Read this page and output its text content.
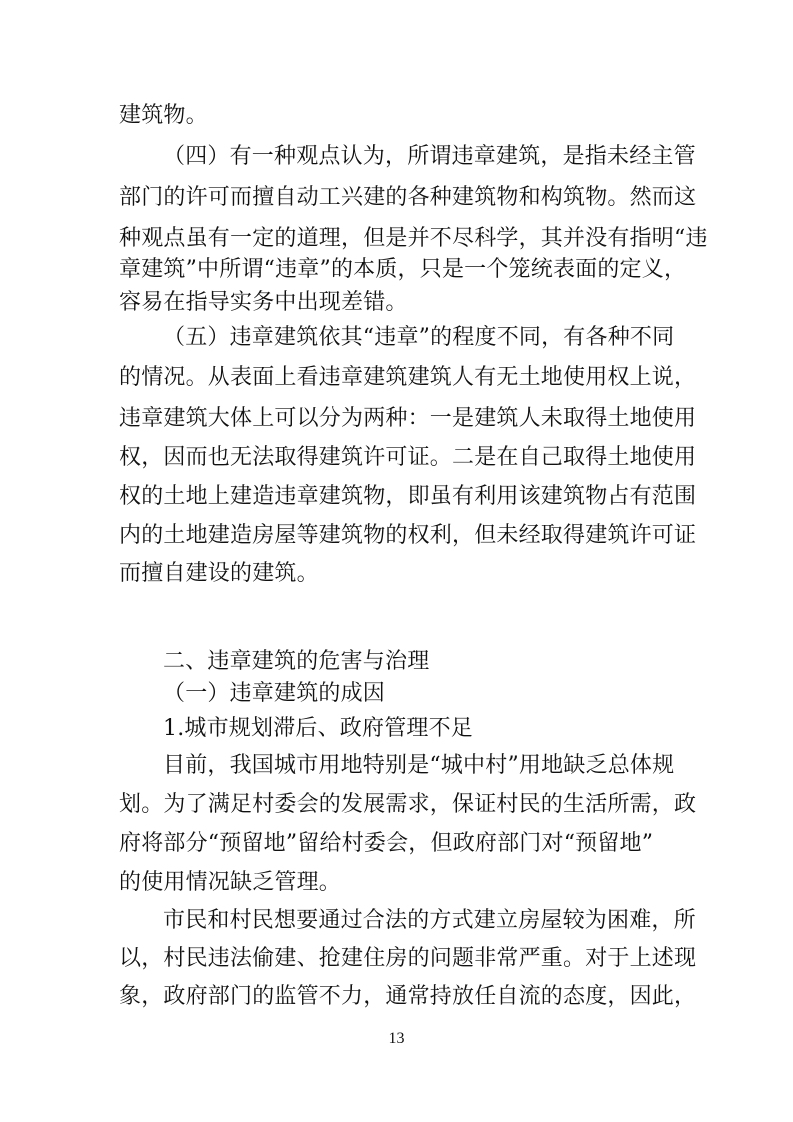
建筑物。
（四）有一种观点认为，所谓违章建筑，是指未经主管
部门的许可而擅自动工兴建的各种建筑物和构筑物。然而这
种观点虽有一定的道理，但是并不尽科学，其并没有指明“违
章建筑”中所谓“违章”的本质，只是一个笼统表面的定义，
容易在指导实务中出现差错。
（五）违章建筑依其“违章”的程度不同，有各种不同
的情况。从表面上看违章建筑建筑人有无土地使用权上说，
违章建筑大体上可以分为两种：一是建筑人未取得土地使用
权，因而也无法取得建筑许可证。二是在自己取得土地使用
权的土地上建造违章建筑物，即虽有利用该建筑物占有范围
内的土地建造房屋等建筑物的权利，但未经取得建筑许可证
而擅自建设的建筑。
二、违章建筑的危害与治理
（一）违章建筑的成因
1.城市规划滞后、政府管理不足
目前，我国城市用地特别是“城中村”用地缺乏总体规
划。为了满足村委会的发展需求，保证村民的生活所需，政
府将部分“预留地”留给村委会，但政府部门对“预留地”
的使用情况缺乏管理。
市民和村民想要通过合法的方式建立房屋较为困难，所
以，村民违法偷建、抢建住房的问题非常严重。对于上述现
象，政府部门的监管不力，通常持放任自流的态度，因此，
13
